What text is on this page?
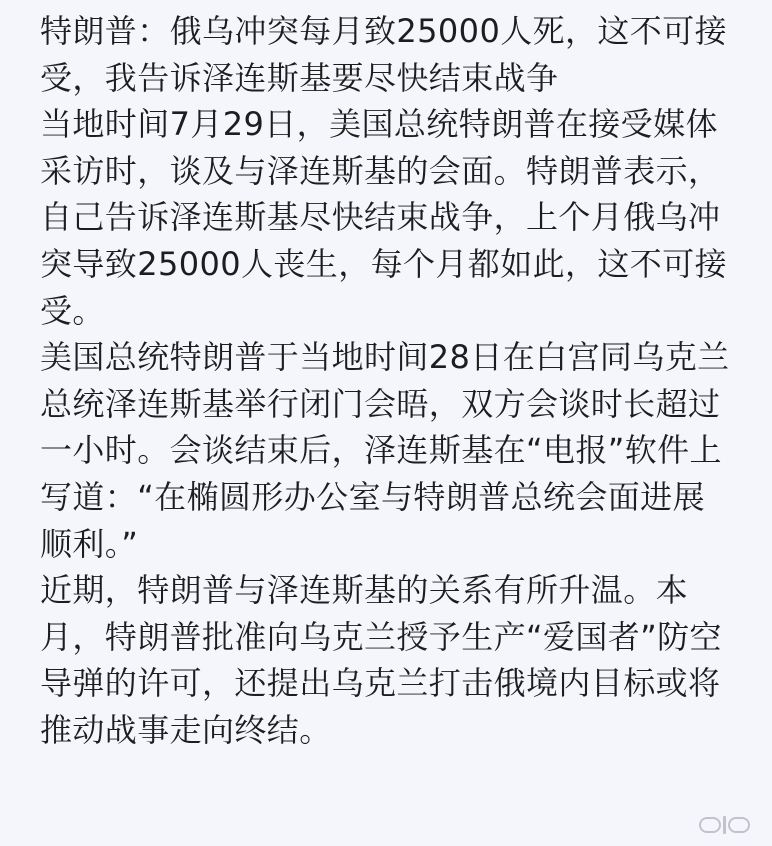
特朗普：俄乌冲突每月致25000人死，这不可接
受，我告诉泽连斯基要尽快结束战争

当地时间7月29日，美国总统特朗普在接受媒体
采访时，谈及与泽连斯基的会面。特朗普表示，
自己告诉泽连斯基尽快结束战争，上个月俄乌冲
突导致25000人丧生，每个月都如此，这不可接
受。

美国总统特朗普于当地时间28日在白宫同乌克兰
总统泽连斯基举行闭门会晤，双方会谈时长超过
一小时。会谈结束后，泽连斯基在“电报”软件上
写道：“在椭圆形办公室与特朗普总统会面进展
顺利。”

近期，特朗普与泽连斯基的关系有所升温。本
月，特朗普批准向乌克兰授予生产“爱国者”防空
导弹的许可，还提出乌克兰打击俄境内目标或将
推动战事走向终结。
